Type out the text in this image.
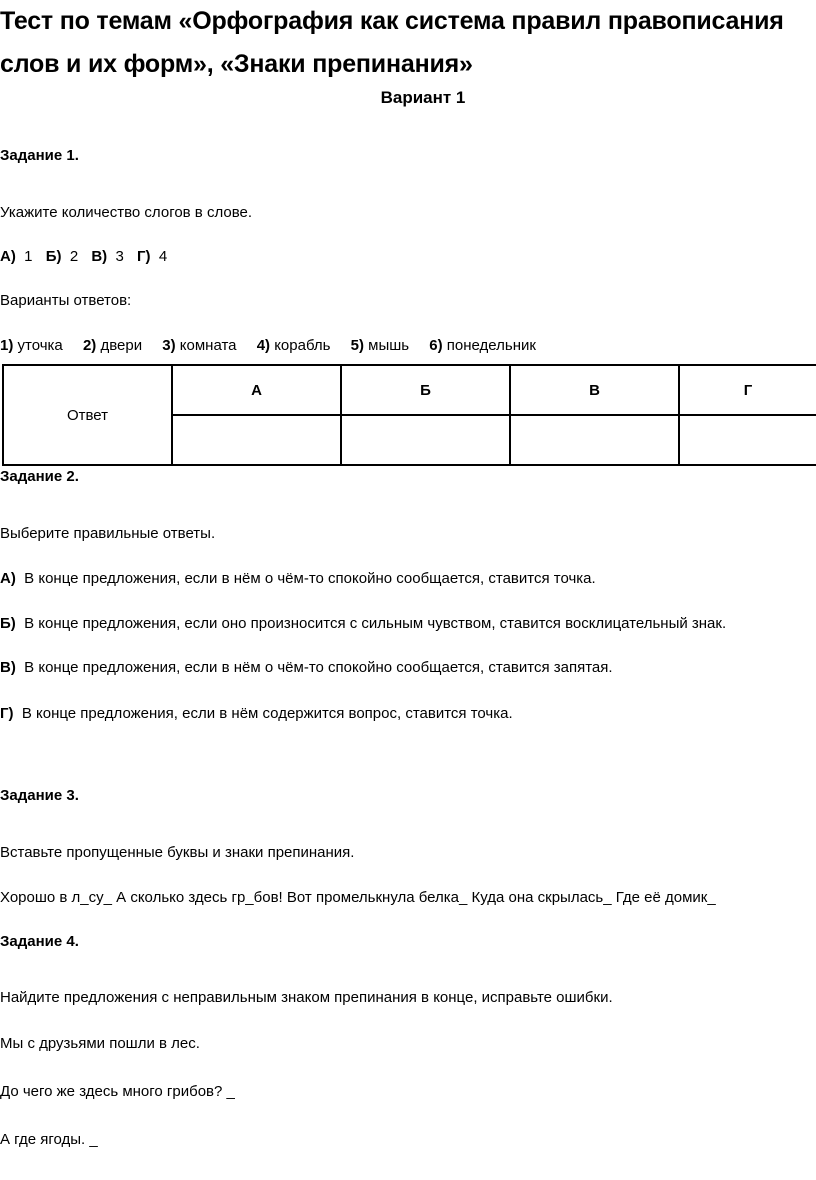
Тест по темам «Орфография как система правил правописания слов и их форм», «Знаки препинания»
Вариант 1
Задание 1.
Укажите количество слогов в слове.
А) 1 Б) 2 В) 3 Г) 4
Варианты ответов:
1) уточка 2) двери 3) комната 4) корабль 5) мышь 6) понедельник
Ответ	А	Б	В	Г

Задание 2.
Выберите правильные ответы.
А) В конце предложения, если в нём о чём-то спокойно сообщается, ставится точка.
Б) В конце предложения, если оно произносится с сильным чувством, ставится восклицательный знак.
В) В конце предложения, если в нём о чём-то спокойно сообщается, ставится запятая.
Г) В конце предложения, если в нём содержится вопрос, ставится точка.
Задание 3.
Вставьте пропущенные буквы и знаки препинания.
Хорошо в л_су_ А сколько здесь гр_бов! Вот промелькнула белка_ Куда она скрылась_ Где её домик_
Задание 4.
Найдите предложения с неправильным знаком препинания в конце, исправьте ошибки.
Мы с друзьями пошли в лес.
До чего же здесь много грибов? _
А где ягоды. _
